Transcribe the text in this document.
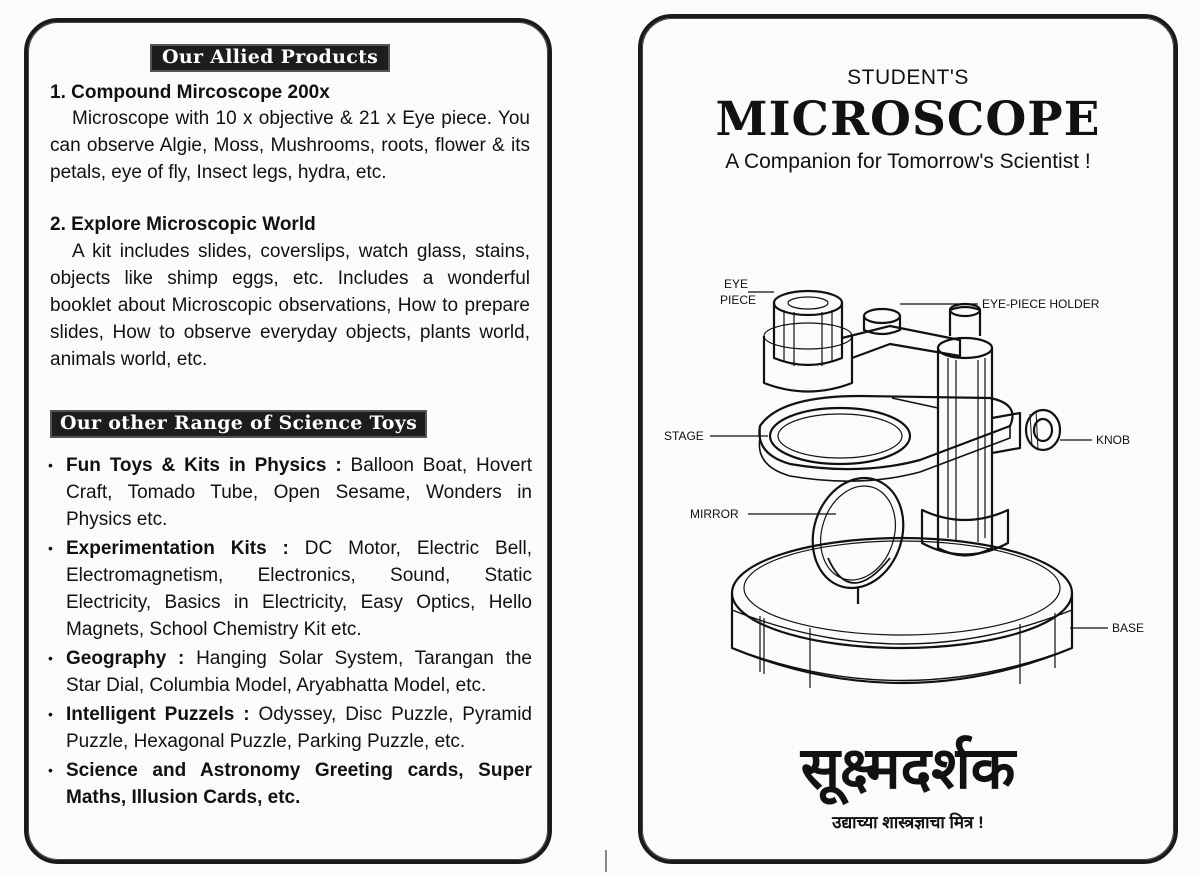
Our Allied Products
1. Compound Mircoscope 200x
Microscope with 10 x objective & 21 x Eye piece. You can observe Algie, Moss, Mushrooms, roots, flower & its petals, eye of fly, Insect legs, hydra, etc.
2. Explore Microscopic World
A kit includes slides, coverslips, watch glass, stains, objects like shimp eggs, etc. Includes a wonderful booklet about Microscopic observations, How to prepare slides, How to observe everyday objects, plants world, animals world, etc.
Our other Range of Science Toys
• Fun Toys & Kits in Physics : Balloon Boat, Hovert Craft, Tomado Tube, Open Sesame, Wonders in Physics etc.
• Experimentation Kits : DC Motor, Electric Bell, Electromagnetism, Electronics, Sound, Static Electricity, Basics in Electricity, Easy Optics, Hello Magnets, School Chemistry Kit etc.
• Geography : Hanging Solar System, Tarangan the Star Dial, Columbia Model, Aryabhatta Model, etc.
• Intelligent Puzzels : Odyssey, Disc Puzzle, Pyramid Puzzle, Hexagonal Puzzle, Parking Puzzle, etc.
• Science and Astronomy Greeting cards, Super Maths, Illusion Cards, etc.
STUDENT'S
MICROSCOPE
A Companion for Tomorrow's Scientist !
EYE
PIECE	EYE-PIECE HOLDER
STAGE	KNOB
MIRROR
BASE
सूक्ष्मदर्शक
उद्याच्या शास्त्रज्ञाचा मित्र !
